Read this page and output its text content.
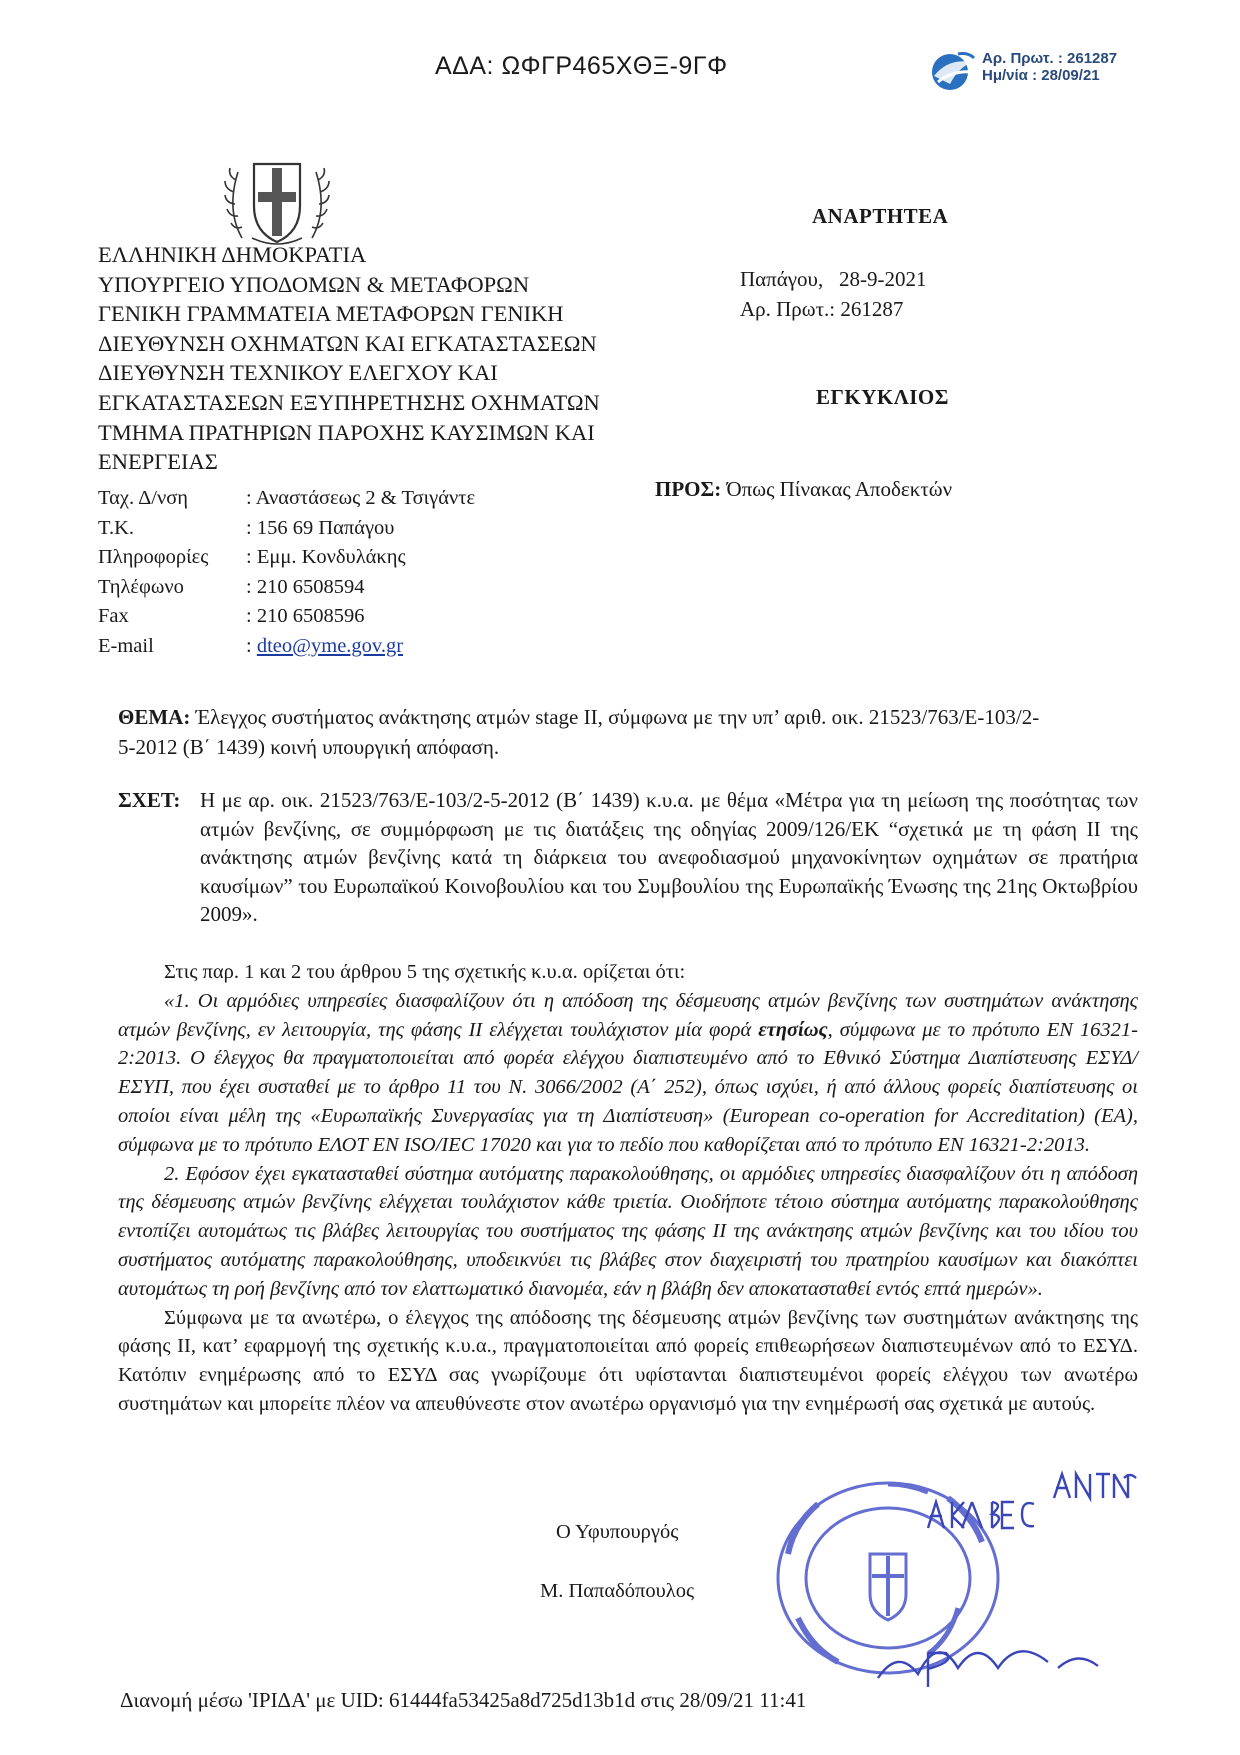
ΑΔΑ: ΩΦΓΡ465ΧΘΞ-9ΓΦ	Αρ. Πρωτ. : 261287
Ημ/νία : 28/09/21
ΕΛΛΗΝΙΚΗ ΔΗΜΟΚΡΑΤΙΑ
ΥΠΟΥΡΓΕΙΟ ΥΠΟΔΟΜΩΝ & ΜΕΤΑΦΟΡΩΝ
ΓΕΝΙΚΗ ΓΡΑΜΜΑΤΕΙΑ ΜΕΤΑΦΟΡΩΝ ΓΕΝΙΚΗ
ΔΙΕΥΘΥΝΣΗ ΟΧΗΜΑΤΩΝ ΚΑΙ ΕΓΚΑΤΑΣΤΑΣΕΩΝ
ΔΙΕΥΘΥΝΣΗ ΤΕΧΝΙΚΟΥ ΕΛΕΓΧΟΥ ΚΑΙ
ΕΓΚΑΤΑΣΤΑΣΕΩΝ ΕΞΥΠΗΡΕΤΗΣΗΣ ΟΧΗΜΑΤΩΝ
ΤΜΗΜΑ ΠΡΑΤΗΡΙΩΝ ΠΑΡΟΧΗΣ ΚΑΥΣΙΜΩΝ ΚΑΙ
ΕΝΕΡΓΕΙΑΣ
Ταχ. Δ/νση	: Αναστάσεως 2 & Τσιγάντε
Τ.Κ.	: 156 69 Παπάγου
Πληροφορίες	: Εμμ. Κονδυλάκης
Τηλέφωνο	: 210 6508594
Fax	: 210 6508596
E-mail	: dteo@yme.gov.gr
ΑΝΑΡΤΗΤΕΑ
Παπάγου, 28-9-2021
Αρ. Πρωτ.: 261287
ΕΓΚΥΚΛΙΟΣ
ΠΡΟΣ: Όπως Πίνακας Αποδεκτών
ΘΕΜΑ: Έλεγχος συστήματος ανάκτησης ατμών stage II, σύμφωνα με την υπ’ αριθ. οικ. 21523/763/Ε-103/2-
5-2012 (Β΄ 1439) κοινή υπουργική απόφαση.
ΣΧΕΤ: Η με αρ. οικ. 21523/763/Ε-103/2-5-2012 (Β΄ 1439) κ.υ.α. με θέμα «Μέτρα για τη μείωση της ποσότητας των ατμών βενζίνης, σε συμμόρφωση με τις διατάξεις της οδηγίας 2009/126/ΕΚ “σχετικά με τη φάση ΙΙ της ανάκτησης ατμών βενζίνης κατά τη διάρκεια του ανεφοδιασμού μηχανοκίνητων οχημάτων σε πρατήρια καυσίμων” του Ευρωπαϊκού Κοινοβουλίου και του Συμβουλίου της Ευρωπαϊκής Ένωσης της 21ης Οκτωβρίου 2009».

Στις παρ. 1 και 2 του άρθρου 5 της σχετικής κ.υ.α. ορίζεται ότι:

«1. Οι αρμόδιες υπηρεσίες διασφαλίζουν ότι η απόδοση της δέσμευσης ατμών βενζίνης των συστημάτων ανάκτησης ατμών βενζίνης, εν λειτουργία, της φάσης ΙΙ ελέγχεται τουλάχιστον μία φορά ετησίως, σύμφωνα με το πρότυπο ΕΝ 16321-2:2013. Ο έλεγχος θα πραγματοποιείται από φορέα ελέγχου διαπιστευμένο από το Εθνικό Σύστημα Διαπίστευσης ΕΣΥΔ/ΕΣΥΠ, που έχει συσταθεί με το άρθρο 11 του Ν. 3066/2002 (Α΄ 252), όπως ισχύει, ή από άλλους φορείς διαπίστευσης οι οποίοι είναι μέλη της «Ευρωπαϊκής Συνεργασίας για τη Διαπίστευση» (European co-operation for Accreditation) (EA), σύμφωνα με το πρότυπο ΕΛΟΤ ΕΝ ISO/IEC 17020 και για το πεδίο που καθορίζεται από το πρότυπο ΕΝ 16321-2:2013.

2. Εφόσον έχει εγκατασταθεί σύστημα αυτόματης παρακολούθησης, οι αρμόδιες υπηρεσίες διασφαλίζουν ότι η απόδοση της δέσμευσης ατμών βενζίνης ελέγχεται τουλάχιστον κάθε τριετία. Οιοδήποτε τέτοιο σύστημα αυτόματης παρακολούθησης εντοπίζει αυτομάτως τις βλάβες λειτουργίας του συστήματος της φάσης ΙΙ της ανάκτησης ατμών βενζίνης και του ιδίου του συστήματος αυτόματης παρακολούθησης, υποδεικνύει τις βλάβες στον διαχειριστή του πρατηρίου καυσίμων και διακόπτει αυτομάτως τη ροή βενζίνης από τον ελαττωματικό διανομέα, εάν η βλάβη δεν αποκατασταθεί εντός επτά ημερών».

Σύμφωνα με τα ανωτέρω, ο έλεγχος της απόδοσης της δέσμευσης ατμών βενζίνης των συστημάτων ανάκτησης της φάσης ΙΙ, κατ’ εφαρμογή της σχετικής κ.υ.α., πραγματοποιείται από φορείς επιθεωρήσεων διαπιστευμένων από το ΕΣΥΔ. Κατόπιν ενημέρωσης από το ΕΣΥΔ σας γνωρίζουμε ότι υφίστανται διαπιστευμένοι φορείς ελέγχου των ανωτέρω συστημάτων και μπορείτε πλέον να απευθύνεστε στον ανωτέρω οργανισμό για την ενημέρωσή σας σχετικά με αυτούς.

Ο Υφυπουργός
Μ. Παπαδόπουλος
Διανομή μέσω 'ΙΡΙΔΑ' με UID: 61444fa53425a8d725d13b1d στις 28/09/21 11:41
